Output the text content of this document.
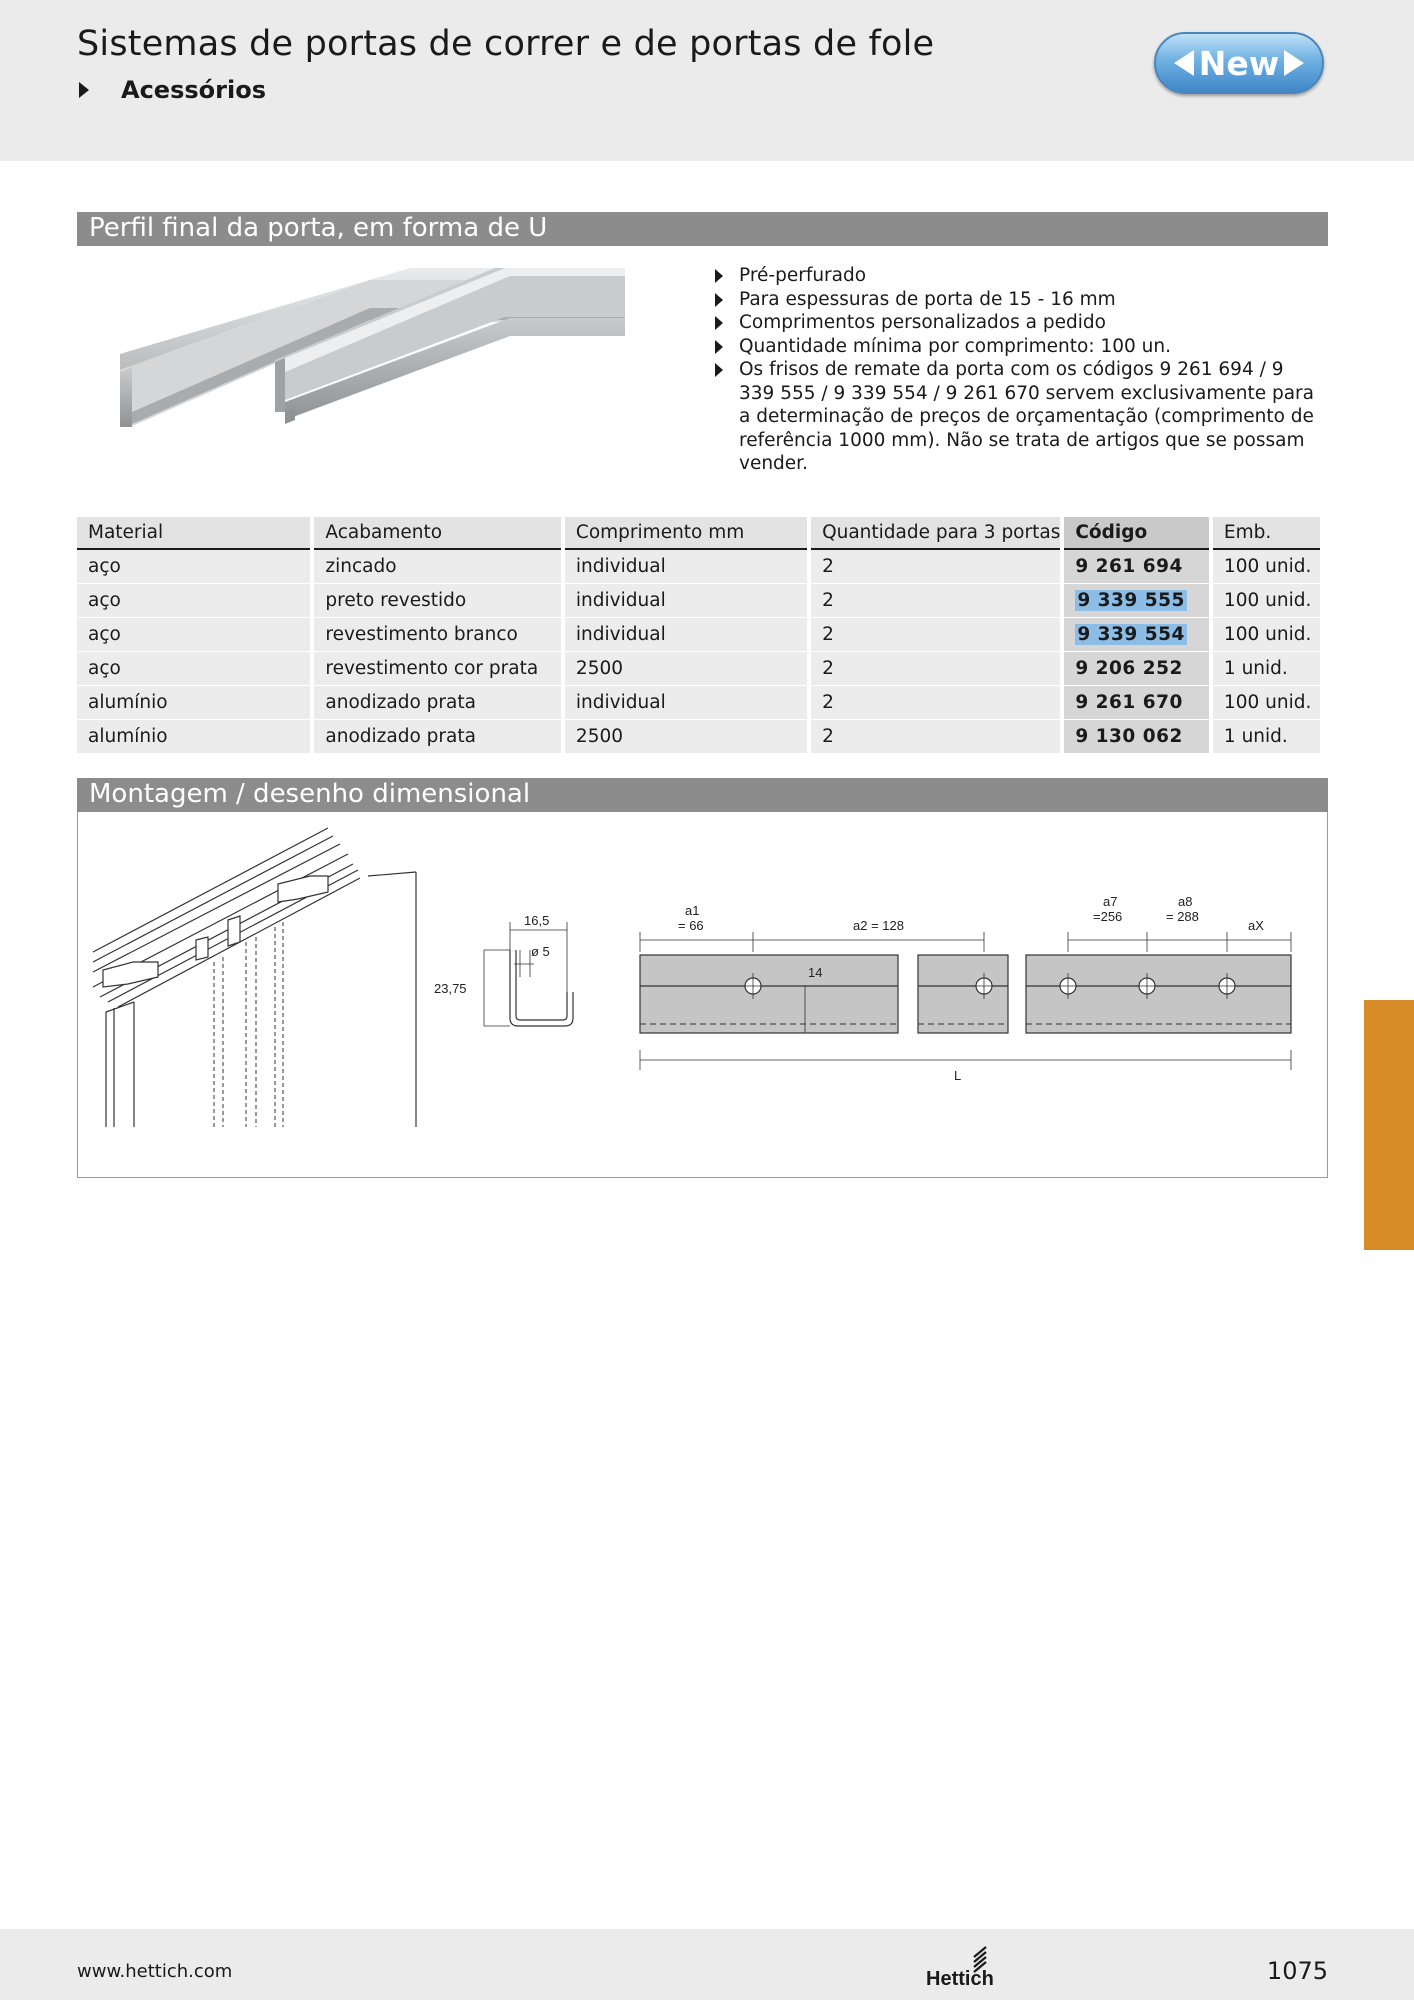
Sistemas de portas de correr e de portas de fole
Acessórios
New
Perfil final da porta, em forma de U
Pré-perfurado
Para espessuras de porta de 15 - 16 mm
Comprimentos personalizados a pedido
Quantidade mínima por comprimento: 100 un.
Os frisos de remate da porta com os códigos 9 261 694 / 9 339 555 / 9 339 554 / 9 261 670 servem exclusivamente para a determinação de preços de orçamentação (comprimento de referência 1000 mm). Não se trata de artigos que se possam vender.
Material	Acabamento	Comprimento mm	Quantidade para 3 portas	Código	Emb.
aço	zincado	individual	2	9 261 694	100 unid.
aço	preto revestido	individual	2	9 339 555	100 unid.
aço	revestimento branco	individual	2	9 339 554	100 unid.
aço	revestimento cor prata	2500	2	9 206 252	1 unid.
alumínio	anodizado prata	individual	2	9 261 670	100 unid.
alumínio	anodizado prata	2500	2	9 130 062	1 unid.
Montagem / desenho dimensional
16,5
ø 5
23,75
a1
= 66	a2 = 128
a7
=256
a8
= 288
aX
14
L
www.hettich.com	Hettich	1075
